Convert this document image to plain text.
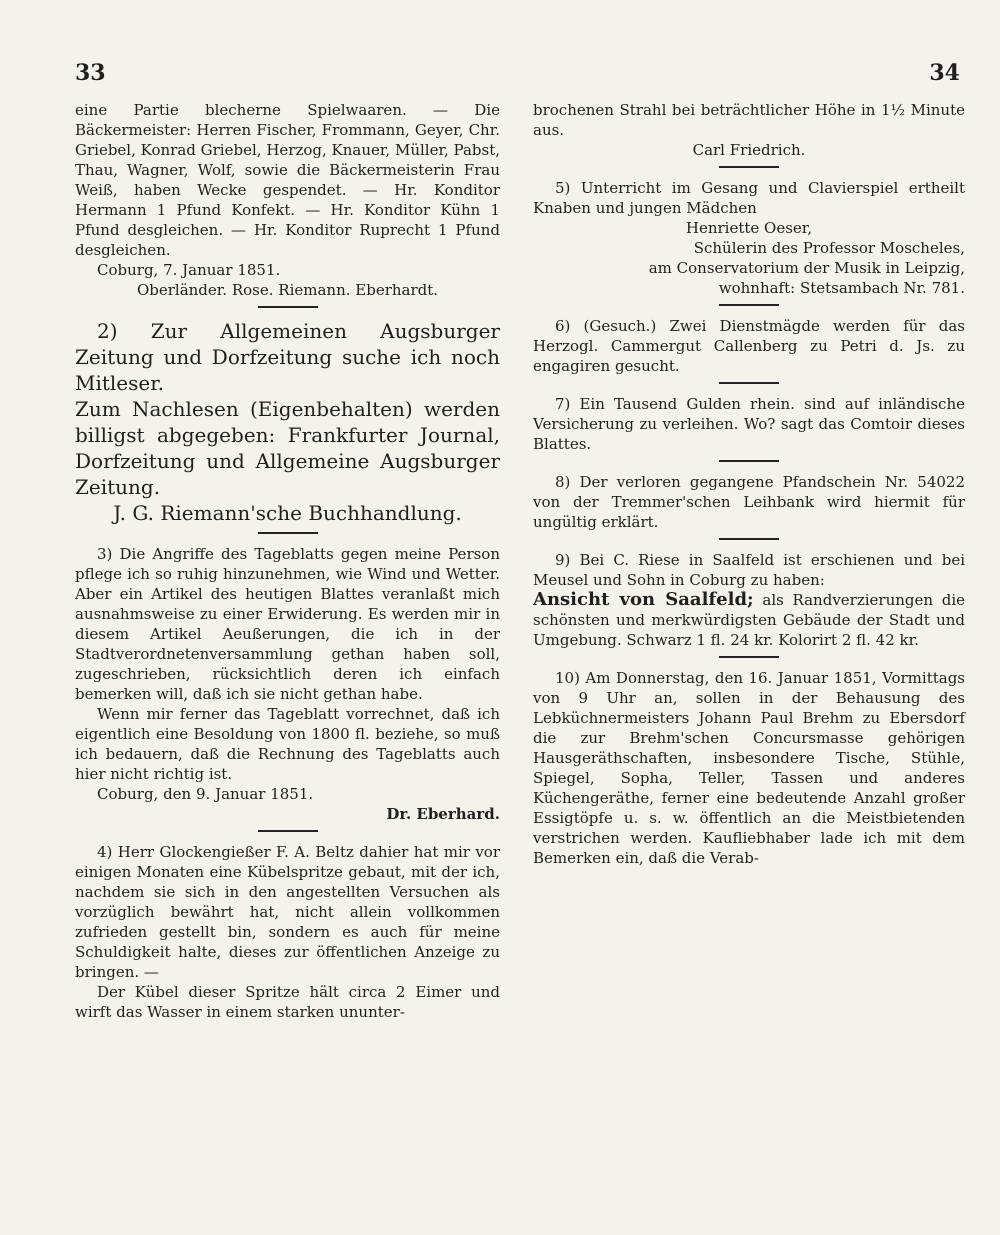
33	34

eine Partie blecherne Spielwaaren. — Die Bäckermeister: Herren Fischer, Frommann, Geyer, Chr. Griebel, Konrad Griebel, Herzog, Knauer, Müller, Pabst, Thau, Wagner, Wolf, sowie die Bäckermeisterin Frau Weiß, haben Wecke gespendet. — Hr. Konditor Hermann 1 Pfund Konfekt. — Hr. Konditor Kühn 1 Pfund desgleichen. — Hr. Konditor Ruprecht 1 Pfund desgleichen.

Coburg, 7. Januar 1851.

Oberländer. Rose. Riemann. Eberhardt.

2) Zur Allgemeinen Augsburger Zeitung und Dorfzeitung suche ich noch Mitleser.

Zum Nachlesen (Eigenbehalten) werden billigst abgegeben: Frankfurter Journal, Dorfzeitung und Allgemeine Augsburger Zeitung.

J. G. Riemann'sche Buchhandlung.

3) Die Angriffe des Tageblatts gegen meine Person pflege ich so ruhig hinzunehmen, wie Wind und Wetter. Aber ein Artikel des heutigen Blattes veranlaßt mich ausnahmsweise zu einer Erwiderung. Es werden mir in diesem Artikel Aeußerungen, die ich in der Stadtverordnetenversammlung gethan haben soll, zugeschrieben, rücksichtlich deren ich einfach bemerken will, daß ich sie nicht gethan habe.

Wenn mir ferner das Tageblatt vorrechnet, daß ich eigentlich eine Besoldung von 1800 fl. beziehe, so muß ich bedauern, daß die Rechnung des Tageblatts auch hier nicht richtig ist.

Coburg, den 9. Januar 1851.

Dr. Eberhard.

4) Herr Glockengießer F. A. Beltz dahier hat mir vor einigen Monaten eine Kübelspritze gebaut, mit der ich, nachdem sie sich in den angestellten Versuchen als vorzüglich bewährt hat, nicht allein vollkommen zufrieden gestellt bin, sondern es auch für meine Schuldigkeit halte, dieses zur öffentlichen Anzeige zu bringen. —

Der Kübel dieser Spritze hält circa 2 Eimer und wirft das Wasser in einem starken ununter-

brochenen Strahl bei beträchtlicher Höhe in 1½ Minute aus.

Carl Friedrich.

5) Unterricht im Gesang und Clavierspiel ertheilt Knaben und jungen Mädchen

Henriette Oeser,

Schülerin des Professor Moscheles,

am Conservatorium der Musik in Leipzig,

wohnhaft: Stetsambach Nr. 781.

6) (Gesuch.) Zwei Dienstmägde werden für das Herzogl. Cammergut Callenberg zu Petri d. Js. zu engagiren gesucht.

7) Ein Tausend Gulden rhein. sind auf inländische Versicherung zu verleihen. Wo? sagt das Comtoir dieses Blattes.

8) Der verloren gegangene Pfandschein Nr. 54022 von der Tremmer'schen Leihbank wird hiermit für ungültig erklärt.

9) Bei C. Riese in Saalfeld ist erschienen und bei Meusel und Sohn in Coburg zu haben:

Ansicht von Saalfeld; als Randverzierungen die schönsten und merkwürdigsten Gebäude der Stadt und Umgebung. Schwarz 1 fl. 24 kr. Kolorirt 2 fl. 42 kr.

10) Am Donnerstag, den 16. Januar 1851, Vormittags von 9 Uhr an, sollen in der Behausung des Lebküchnermeisters Johann Paul Brehm zu Ebersdorf die zur Brehm'schen Concursmasse gehörigen Hausgeräthschaften, insbesondere Tische, Stühle, Spiegel, Sopha, Teller, Tassen und anderes Küchengeräthe, ferner eine bedeutende Anzahl großer Essigtöpfe u. s. w. öffentlich an die Meistbietenden verstrichen werden. Kaufliebhaber lade ich mit dem Bemerken ein, daß die Verab-
